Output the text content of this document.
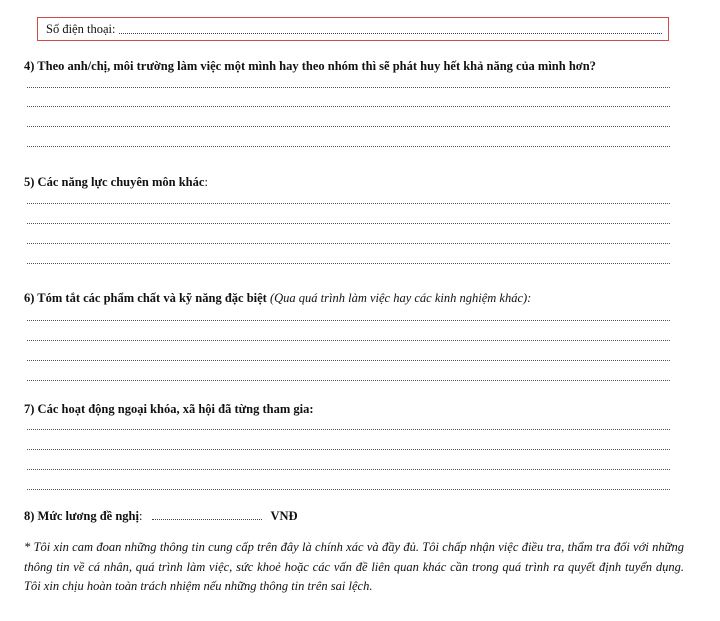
Số điện thoại:
4) Theo anh/chị, môi trường làm việc một mình hay theo nhóm thì sẽ phát huy hết khả năng của mình hơn?
5) Các năng lực chuyên môn khác:
6) Tóm tắt các phẩm chất và kỹ năng đặc biệt (Qua quá trình làm việc hay các kinh nghiệm khác):
7) Các hoạt động ngoại khóa, xã hội đã từng tham gia:
8) Mức lương đề nghị :	VNĐ
* Tôi xin cam đoan những thông tin cung cấp trên đây là chính xác và đầy đủ. Tôi chấp nhận việc điều tra, thẩm tra đối với những thông tin về cá nhân, quá trình làm việc, sức khoẻ hoặc các vấn đề liên quan khác cần trong quá trình ra quyết định tuyển dụng. Tôi xin chịu hoàn toàn trách nhiệm nếu những thông tin trên sai lệch.
